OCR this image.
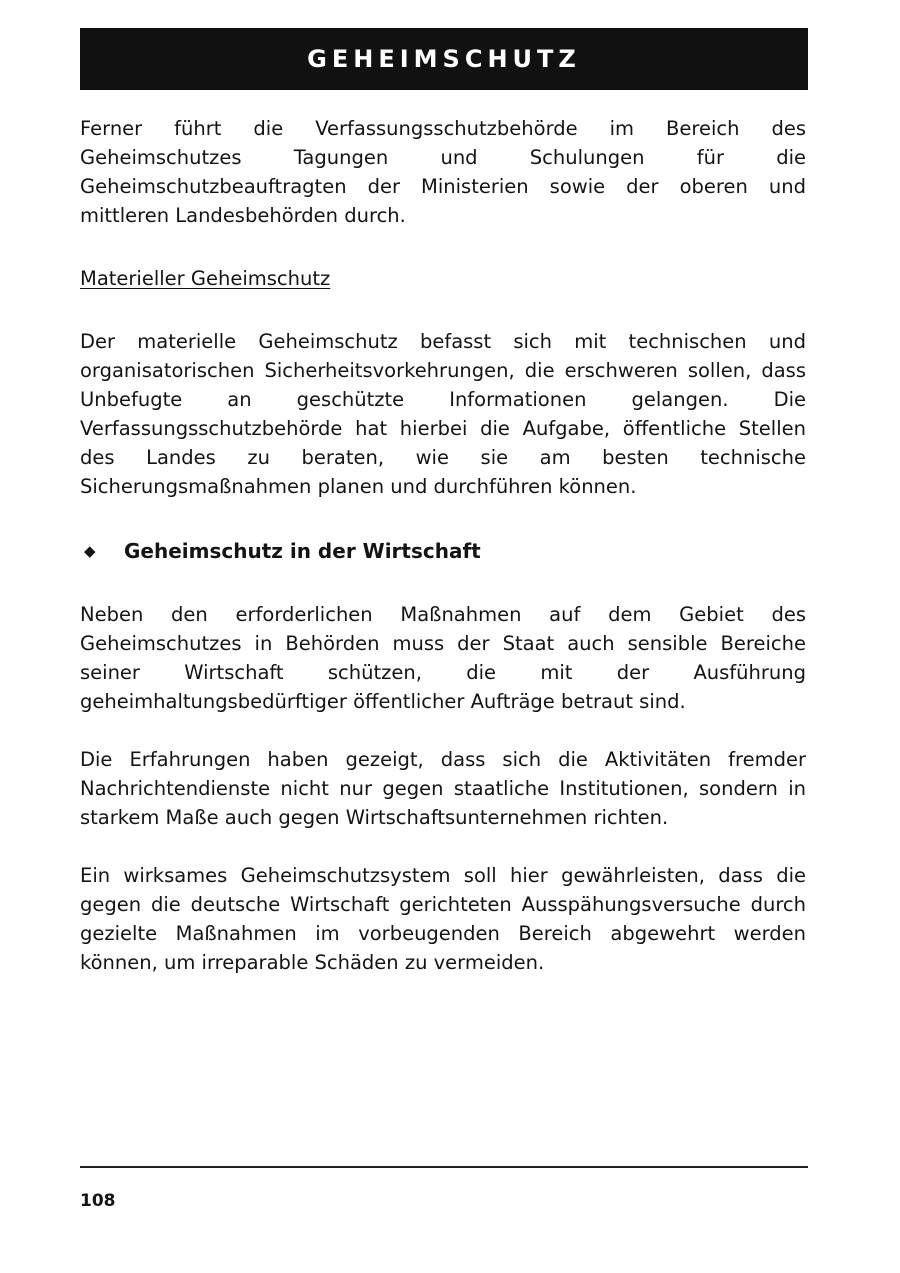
GEHEIMSCHUTZ

Ferner führt die Verfassungsschutzbehörde im Bereich des Geheimschutzes Tagungen und Schulungen für die Geheimschutzbeauftragten der Ministerien sowie der oberen und mittleren Landesbehörden durch.

Materieller Geheimschutz

Der materielle Geheimschutz befasst sich mit technischen und organisatorischen Sicherheitsvorkehrungen, die erschweren sollen, dass Unbefugte an geschützte Informationen gelangen. Die Verfassungsschutzbehörde hat hierbei die Aufgabe, öffentliche Stellen des Landes zu beraten, wie sie am besten technische Sicherungsmaßnahmen planen und durchführen können.

◆ Geheimschutz in der Wirtschaft

Neben den erforderlichen Maßnahmen auf dem Gebiet des Geheimschutzes in Behörden muss der Staat auch sensible Bereiche seiner Wirtschaft schützen, die mit der Ausführung geheimhaltungsbedürftiger öffentlicher Aufträge betraut sind.

Die Erfahrungen haben gezeigt, dass sich die Aktivitäten fremder Nachrichtendienste nicht nur gegen staatliche Institutionen, sondern in starkem Maße auch gegen Wirtschaftsunternehmen richten.

Ein wirksames Geheimschutzsystem soll hier gewährleisten, dass die gegen die deutsche Wirtschaft gerichteten Ausspähungsversuche durch gezielte Maßnahmen im vorbeugenden Bereich abgewehrt werden können, um irreparable Schäden zu vermeiden.

108
